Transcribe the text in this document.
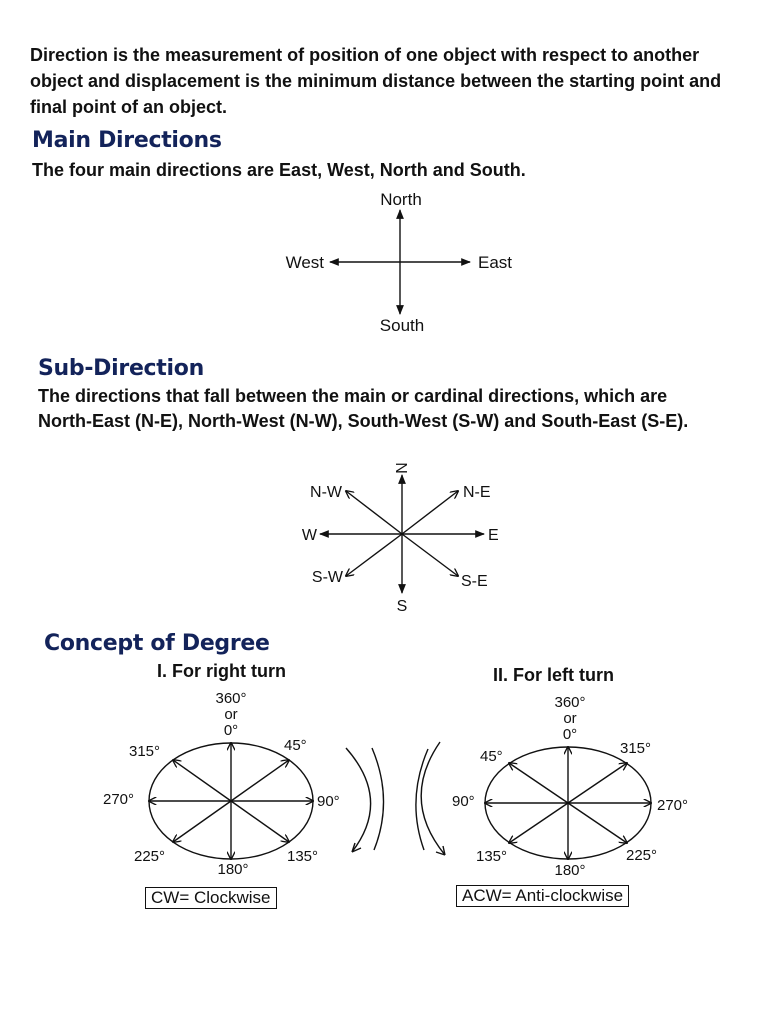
Direction is the measurement of position of one object with respect to another object and displacement is the minimum distance between the starting point and final point of an object.

Main Directions

The four main directions are East, West, North and South.

Sub-Direction

The directions that fall between the main or cardinal directions, which are North-East (N-E), North-West (N-W), South-West (S-W) and South-East (S-E).

Concept of Degree

I. For right turn	II. For left turn

North
South
East
West
N
S
E
W
N-E
N-W
S-E
S-W
360°
or
0°
45°
90°
135°
180°
225°
270°
315°
360°
or
0°
45°
90°
135°
180°
225°
270°
315°
CW= Clockwise	ACW= Anti-clockwise
